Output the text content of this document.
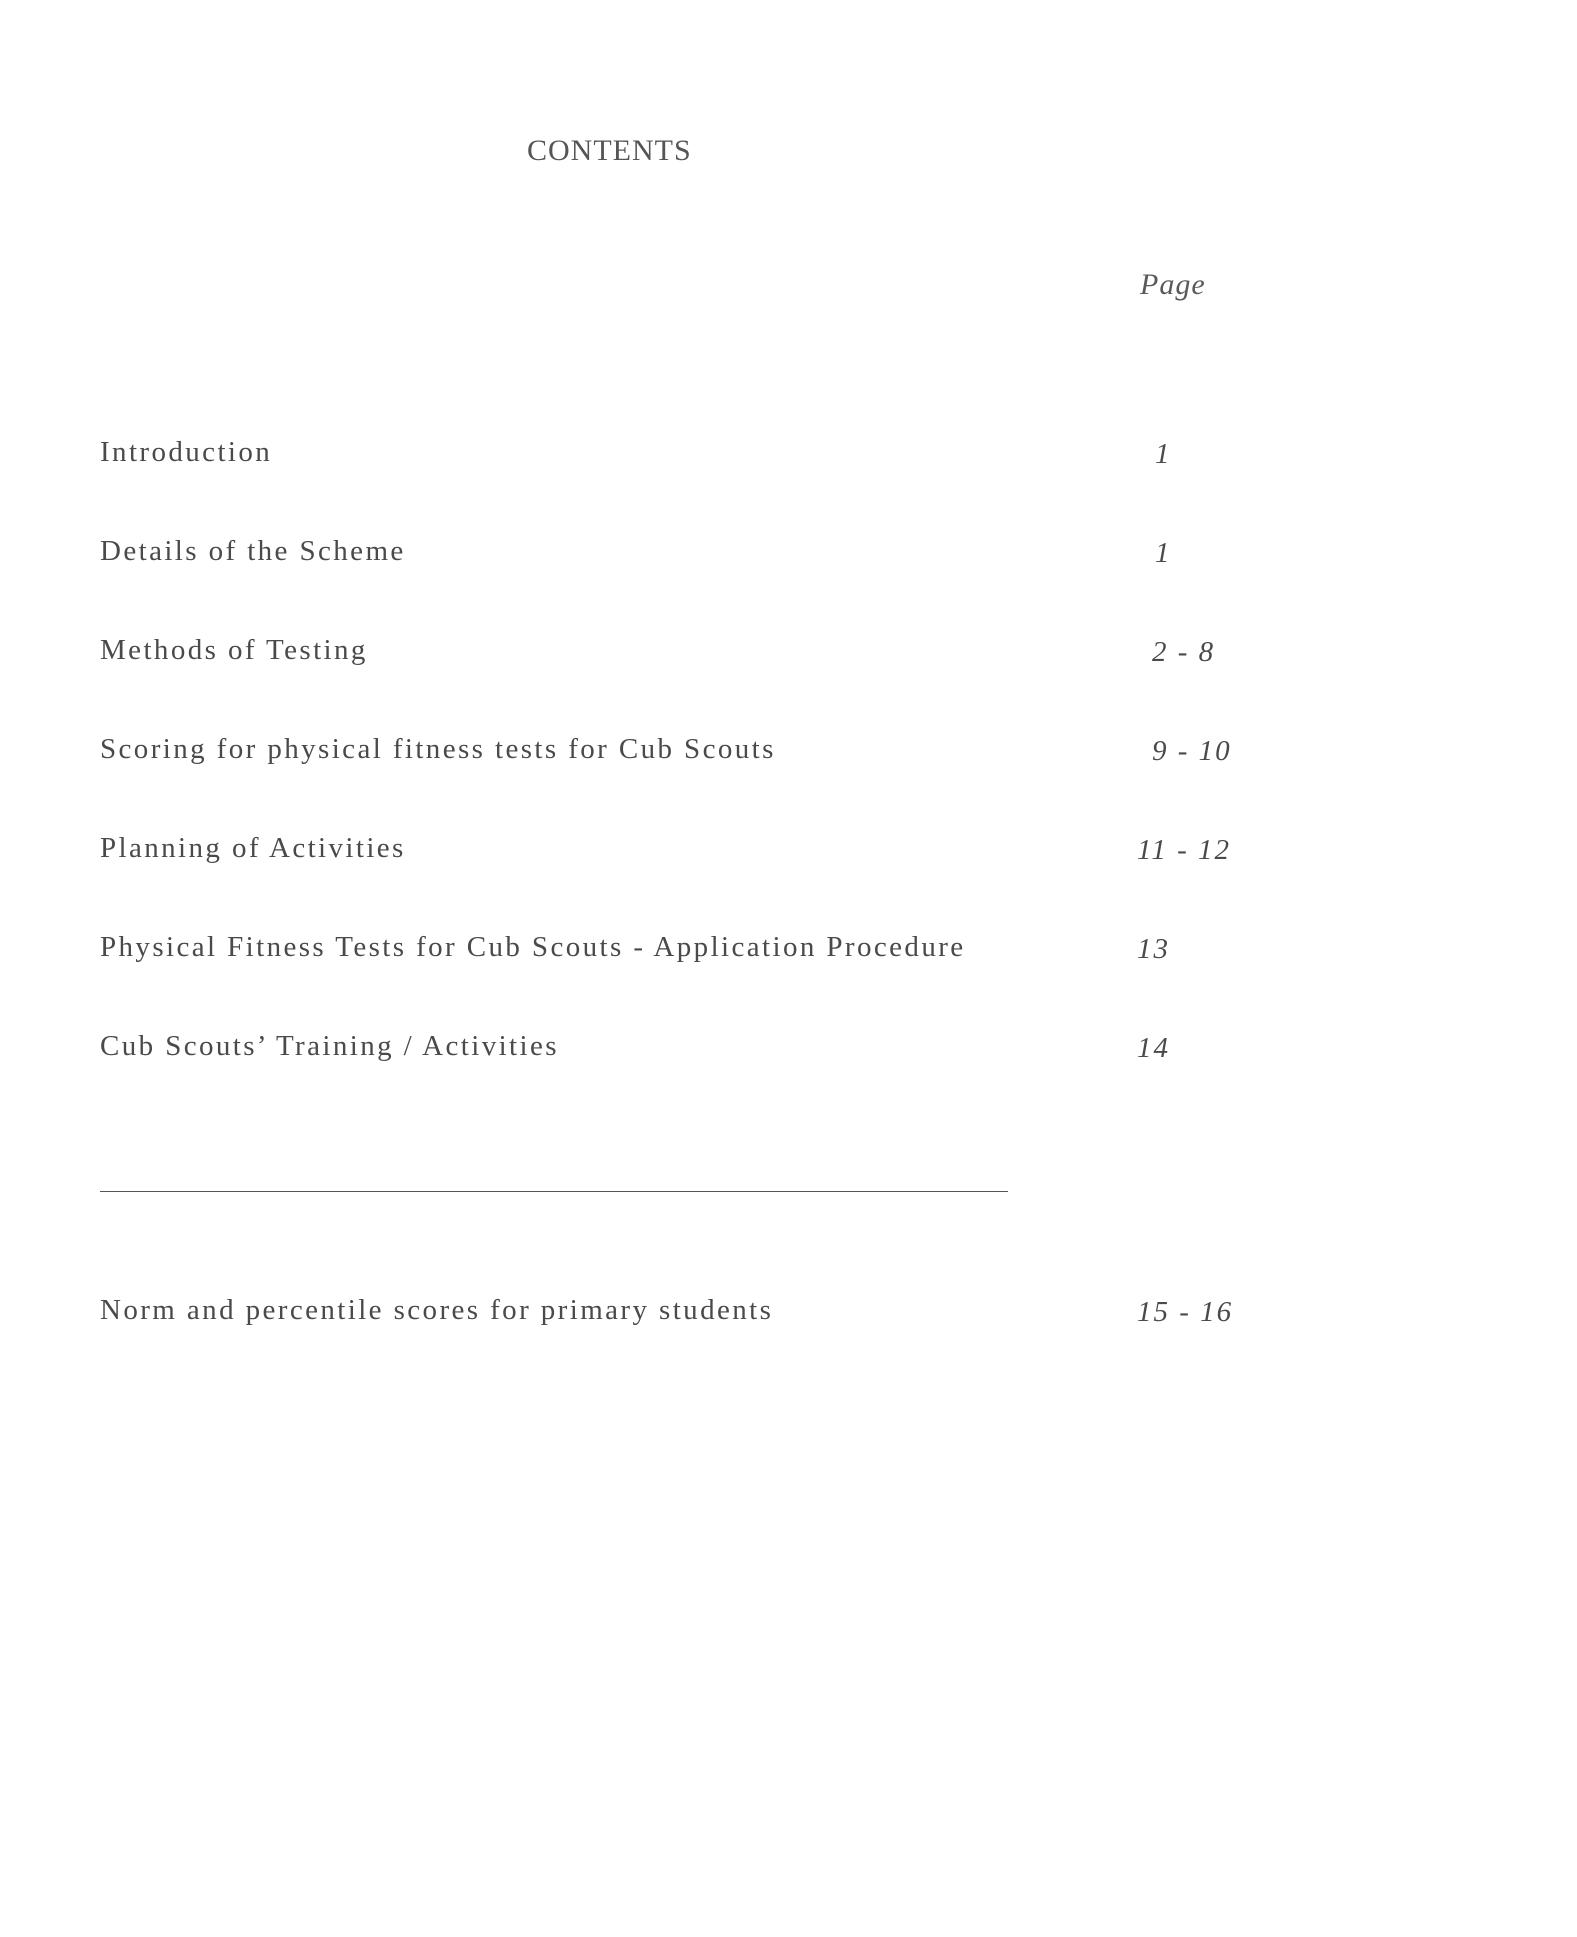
CONTENTS
Page
Introduction	1
Details of the Scheme	1
Methods of Testing	2 - 8
Scoring for physical fitness tests for Cub Scouts	9 - 10
Planning of Activities	11 - 12
Physical Fitness Tests for Cub Scouts - Application Procedure	13
Cub Scouts’ Training / Activities	14
Norm and percentile scores for primary students	15 - 16
